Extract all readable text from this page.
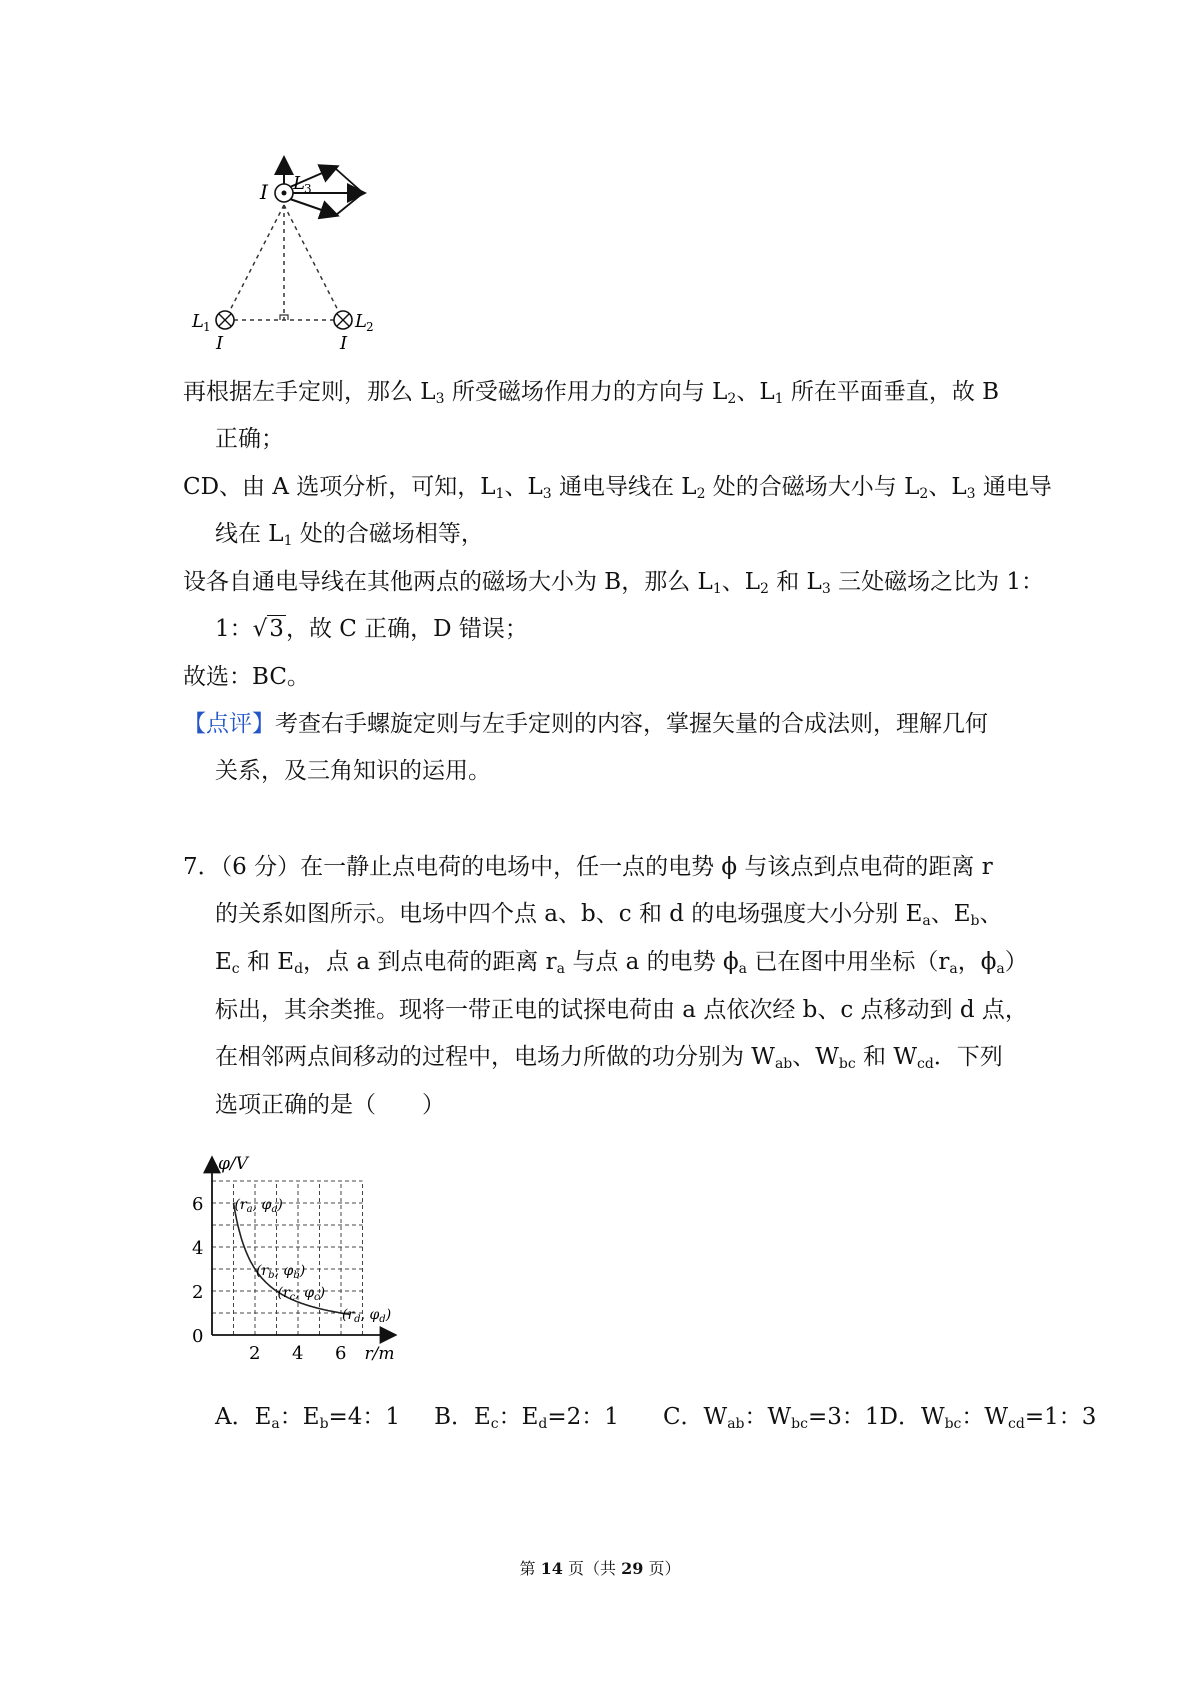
I L 3
L 1
I
L 2
I
再根据左手定则，那么 $L_3$ 所受磁场作用力的方向与 $L_2$、$L_1$ 所在平面垂直，故 B
正确；
CD、由 A 选项分析，可知，$L_1$、$L_3$ 通电导线在 $L_2$ 处的合磁场大小与 $L_2$、$L_3$ 通电导
线在 $L_1$ 处的合磁场相等，
设各自通电导线在其他两点的磁场大小为 B，那么 $L_1$、$L_2$ 和 $L_3$ 三处磁场之比为 1：
1：√3，故 C 正确，D 错误；
故选：BC。
【点评】考查右手螺旋定则与左手定则的内容，掌握矢量的合成法则，理解几何
关系，及三角知识的运用。
7．（6 分）在一静止点电荷的电场中，任一点的电势 ϕ 与该点到点电荷的距离 r
的关系如图所示。电场中四个点 a、b、c 和 d 的电场强度大小分别 $E_a$、$E_b$、
$E_c$ 和 $E_d$，点 a 到点电荷的距离 $r_a$ 与点 a 的电势 $\phi_a$ 已在图中用坐标（$r_a$，$\phi_a$）
标出，其余类推。现将一带正电的试探电荷由 a 点依次经 b、c 点移动到 d 点，
在相邻两点间移动的过程中，电场力所做的功分别为 $W_{ab}$、$W_{bc}$ 和 $W_{cd}$．下列
选项正确的是（　　）
φ/V
r/m
0
2
4
6
2 4 6
($r_a$, $\varphi_a$)
($r_b$, $\varphi_b$)
($r_c$, $\varphi_c$)
($r_d$, $\varphi_d$)
A．$E_a$：$E_b=4$：1 B．$E_c$：$E_d=2$：1 C．$W_{ab}$：$W_{bc}=3$：1D．$W_{bc}$：$W_{cd}=1$：3
第 14 页（共 29 页）
